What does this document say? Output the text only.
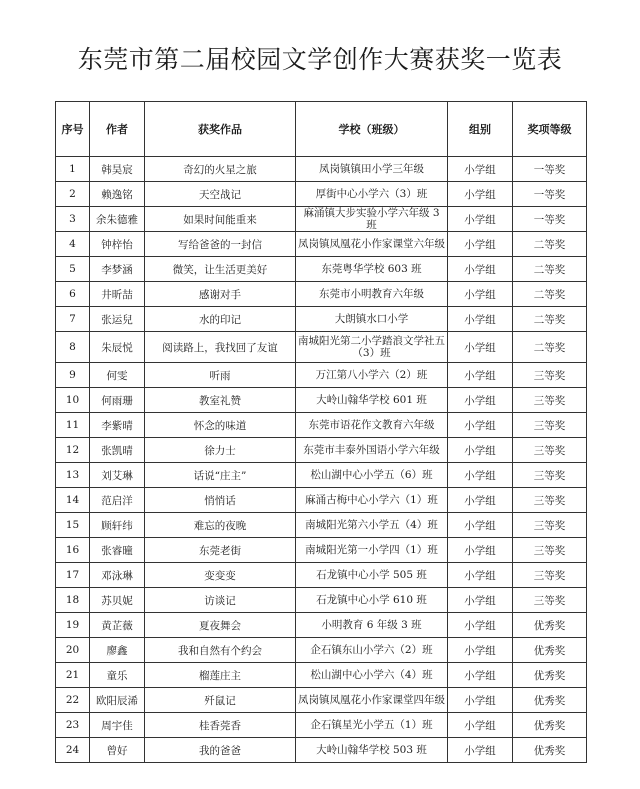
东莞市第二届校园文学创作大赛获奖一览表
序号	作者	获奖作品	学校（班级）	组别	奖项等级
1	韩昊宸	奇幻的火星之旅	凤岗镇镇田小学三年级	小学组	一等奖
2	赖逸铭	天空战记	厚街中心小学六（3）班	小学组	一等奖
3	余朱德雅	如果时间能重来	麻涌镇大步实验小学六年级 3 班	小学组	一等奖
4	钟梓怡	写给爸爸的一封信	凤岗镇凤凰花小作家课堂六年级	小学组	二等奖
5	李梦涵	微笑，让生活更美好	东莞粤华学校 603 班	小学组	二等奖
6	井昕喆	感谢对手	东莞市小明教育六年级	小学组	二等奖
7	张运兒	水的印记	大朗镇水口小学	小学组	二等奖
8	朱辰悦	阅读路上，我找回了友谊	南城阳光第二小学踏浪文学社五（3）班	小学组	二等奖
9	何雯	听雨	万江第八小学六（2）班	小学组	三等奖
10	何雨珊	教室礼赞	大岭山翰华学校 601 班	小学组	三等奖
11	李紫晴	怀念的味道	东莞市语花作文教育六年级	小学组	三等奖
12	张凯晴	徐力士	东莞市丰泰外国语小学六年级	小学组	三等奖
13	刘艾琳	话说“庄主”	松山湖中心小学五（6）班	小学组	三等奖
14	范启洋	悄悄话	麻涌古梅中心小学六（1）班	小学组	三等奖
15	顾轩纬	难忘的夜晚	南城阳光第六小学五（4）班	小学组	三等奖
16	张睿曈	东莞老街	南城阳光第一小学四（1）班	小学组	三等奖
17	邓泳琳	变变变	石龙镇中心小学 505 班	小学组	三等奖
18	苏贝妮	访谈记	石龙镇中心小学 610 班	小学组	三等奖
19	黄芷薇	夏夜舞会	小明教育 6 年级 3 班	小学组	优秀奖
20	廖鑫	我和自然有个约会	企石镇东山小学六（2）班	小学组	优秀奖
21	童乐	榴莲庄主	松山湖中心小学六（4）班	小学组	优秀奖
22	欧阳辰浠	歼鼠记	凤岗镇凤凰花小作家课堂四年级	小学组	优秀奖
23	周宇佳	桂香莞香	企石镇星光小学五（1）班	小学组	优秀奖
24	曾好	我的爸爸	大岭山翰华学校 503 班	小学组	优秀奖
